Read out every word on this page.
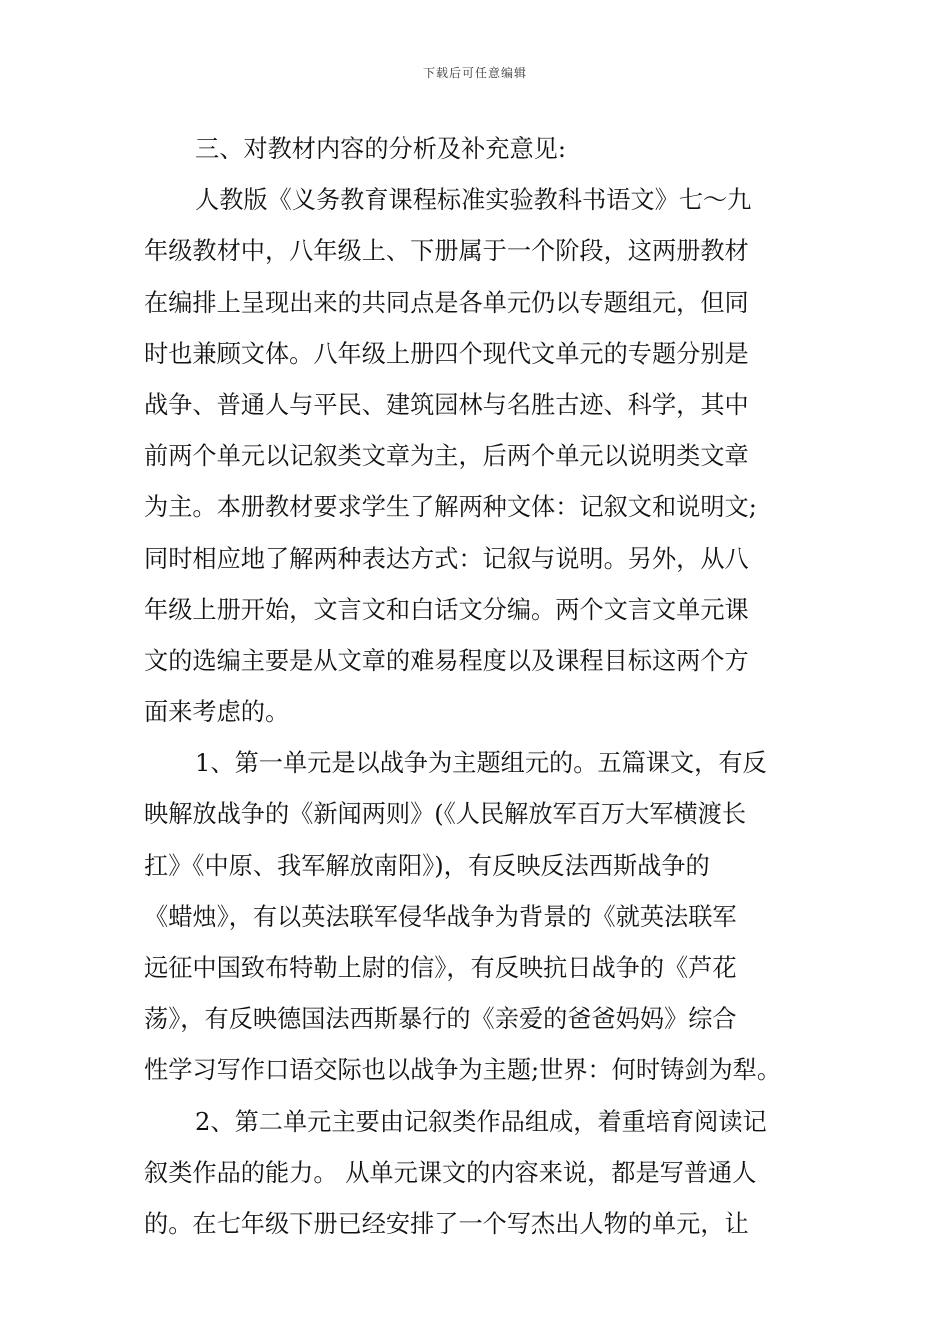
下载后可任意编辑
三、对教材内容的分析及补充意见:
人教版《义务教育课程标准实验教科书语文》七～九
年级教材中，八年级上、下册属于一个阶段，这两册教材
在编排上呈现出来的共同点是各单元仍以专题组元，但同
时也兼顾文体。八年级上册四个现代文单元的专题分别是
战争、普通人与平民、建筑园林与名胜古迹、科学，其中
前两个单元以记叙类文章为主，后两个单元以说明类文章
为主。本册教材要求学生了解两种文体：记叙文和说明文;
同时相应地了解两种表达方式：记叙与说明。另外，从八
年级上册开始，文言文和白话文分编。两个文言文单元课
文的选编主要是从文章的难易程度以及课程目标这两个方
面来考虑的。
1、第一单元是以战争为主题组元的。五篇课文，有反
映解放战争的《新闻两则》(《人民解放军百万大军横渡长
扛》《中原、我军解放南阳》)，有反映反法西斯战争的
《蜡烛》，有以英法联军侵华战争为背景的《就英法联军
远征中国致布特勒上尉的信》，有反映抗日战争的《芦花
荡》，有反映德国法西斯暴行的《亲爱的爸爸妈妈》综合
性学习写作口语交际也以战争为主题;世界：何时铸剑为犁。
2、第二单元主要由记叙类作品组成，着重培育阅读记
叙类作品的能力。 从单元课文的内容来说，都是写普通人
的。在七年级下册已经安排了一个写杰出人物的单元，让
